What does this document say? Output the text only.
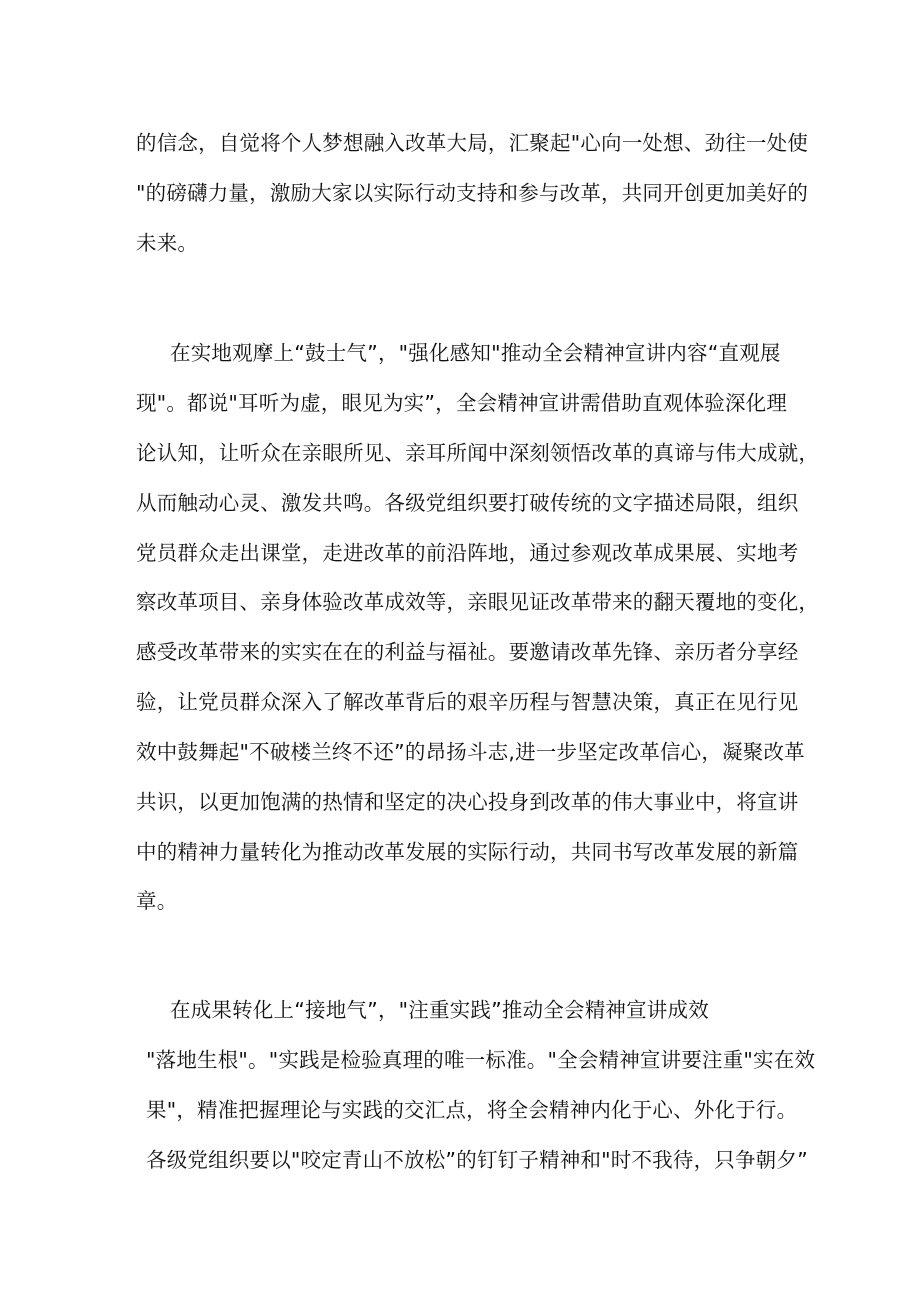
的信念，自觉将个人梦想融入改革大局，汇聚起"心向一处想、劲往一处使
"的磅礴力量，激励大家以实际行动支持和参与改革，共同开创更加美好的
未来。
在实地观摩上“鼓士气”，"强化感知"推动全会精神宣讲内容“直观展
现"。都说"耳听为虚，眼见为实”，全会精神宣讲需借助直观体验深化理
论认知，让听众在亲眼所见、亲耳所闻中深刻领悟改革的真谛与伟大成就，
从而触动心灵、激发共鸣。各级党组织要打破传统的文字描述局限，组织
党员群众走出课堂，走进改革的前沿阵地，通过参观改革成果展、实地考
察改革项目、亲身体验改革成效等，亲眼见证改革带来的翻天覆地的变化，
感受改革带来的实实在在的利益与福祉。要邀请改革先锋、亲历者分享经
验，让党员群众深入了解改革背后的艰辛历程与智慧决策，真正在见行见
效中鼓舞起"不破楼兰终不还”的昂扬斗志,进一步坚定改革信心，凝聚改革
共识，以更加饱满的热情和坚定的决心投身到改革的伟大事业中，将宣讲
中的精神力量转化为推动改革发展的实际行动，共同书写改革发展的新篇
章。
在成果转化上“接地气”，"注重实践”推动全会精神宣讲成效
"落地生根"。"实践是检验真理的唯一标准。"全会精神宣讲要注重"实在效
果"，精准把握理论与实践的交汇点，将全会精神内化于心、外化于行。
各级党组织要以"咬定青山不放松”的钉钉子精神和"时不我待，只争朝夕”
